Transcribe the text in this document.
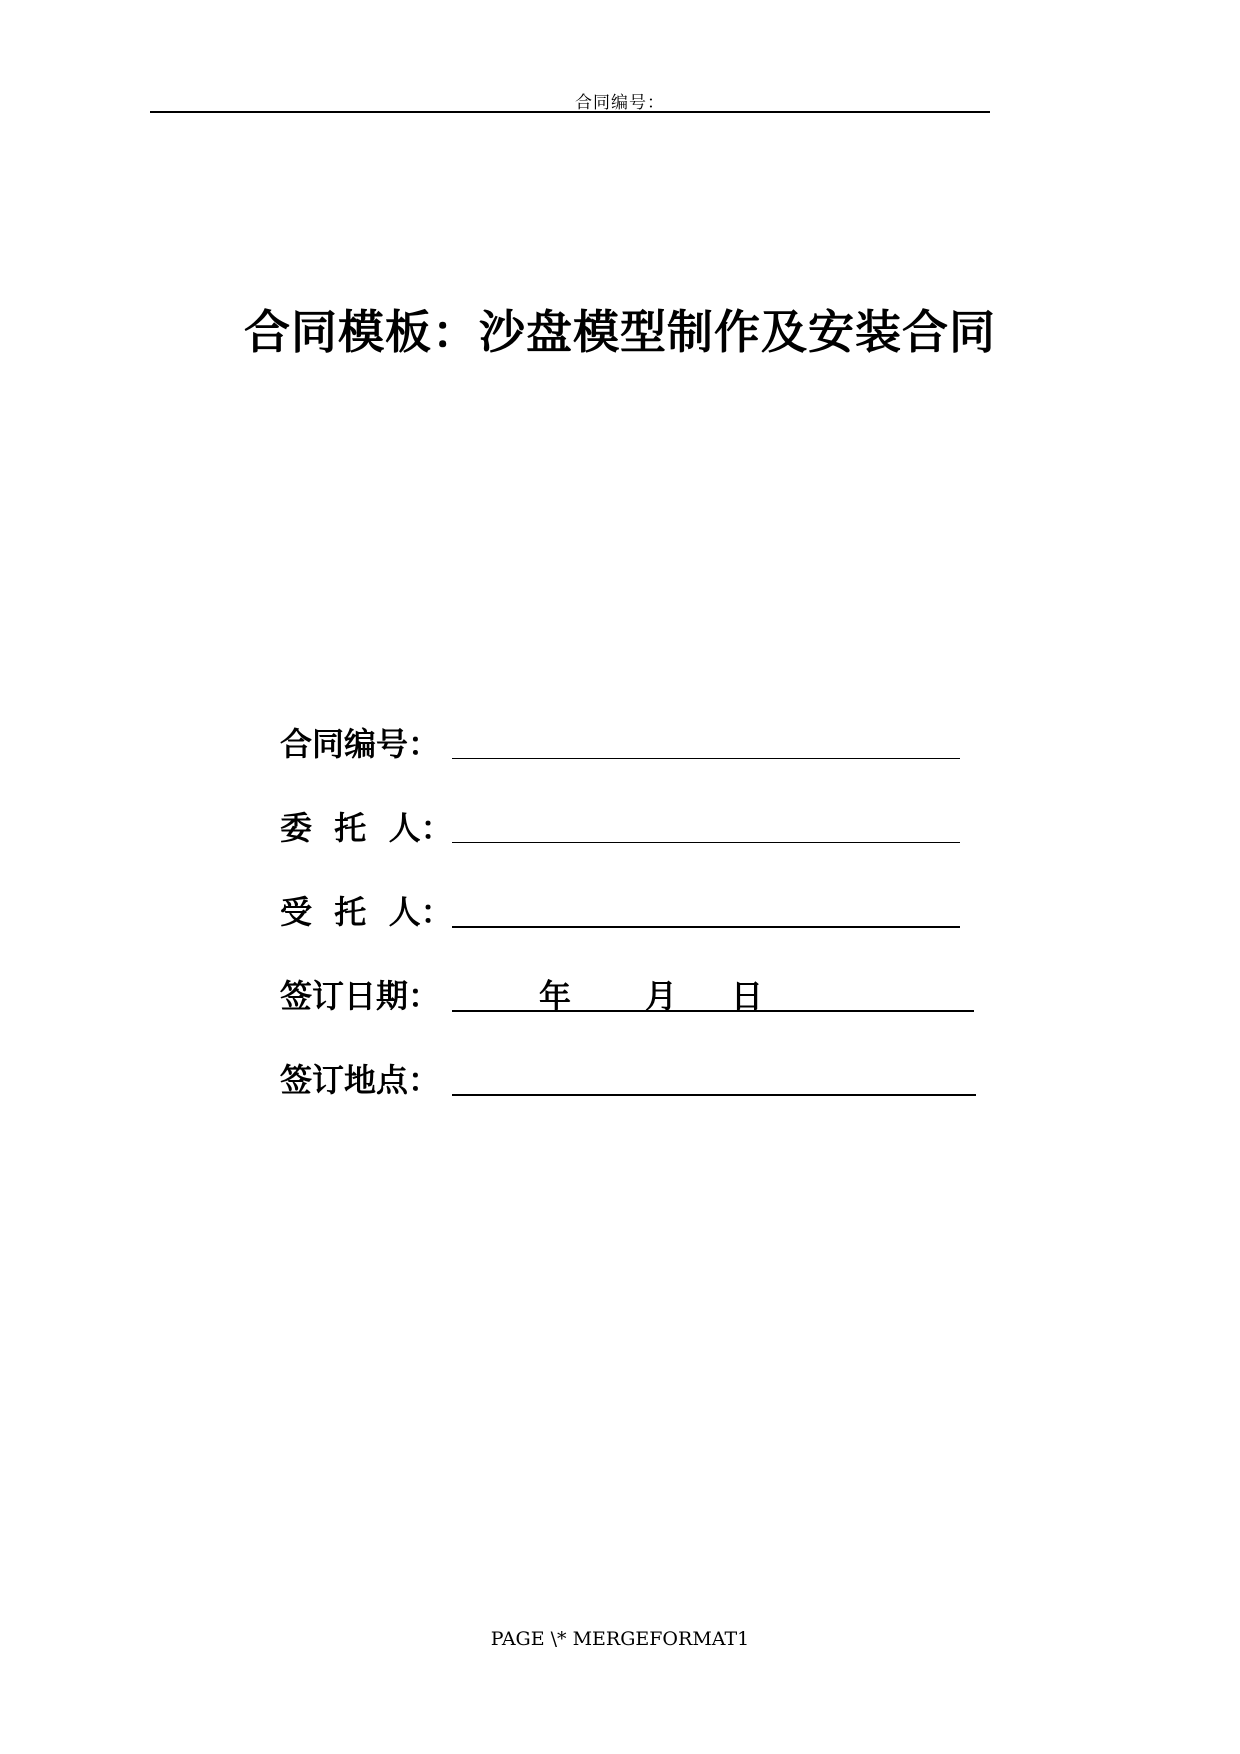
合同编号：
合同模板：沙盘模型制作及安装合同
合同编号：
委  托  人：
受  托  人：
签订日期：	年 月 日
签订地点：
PAGE \* MERGEFORMAT1
